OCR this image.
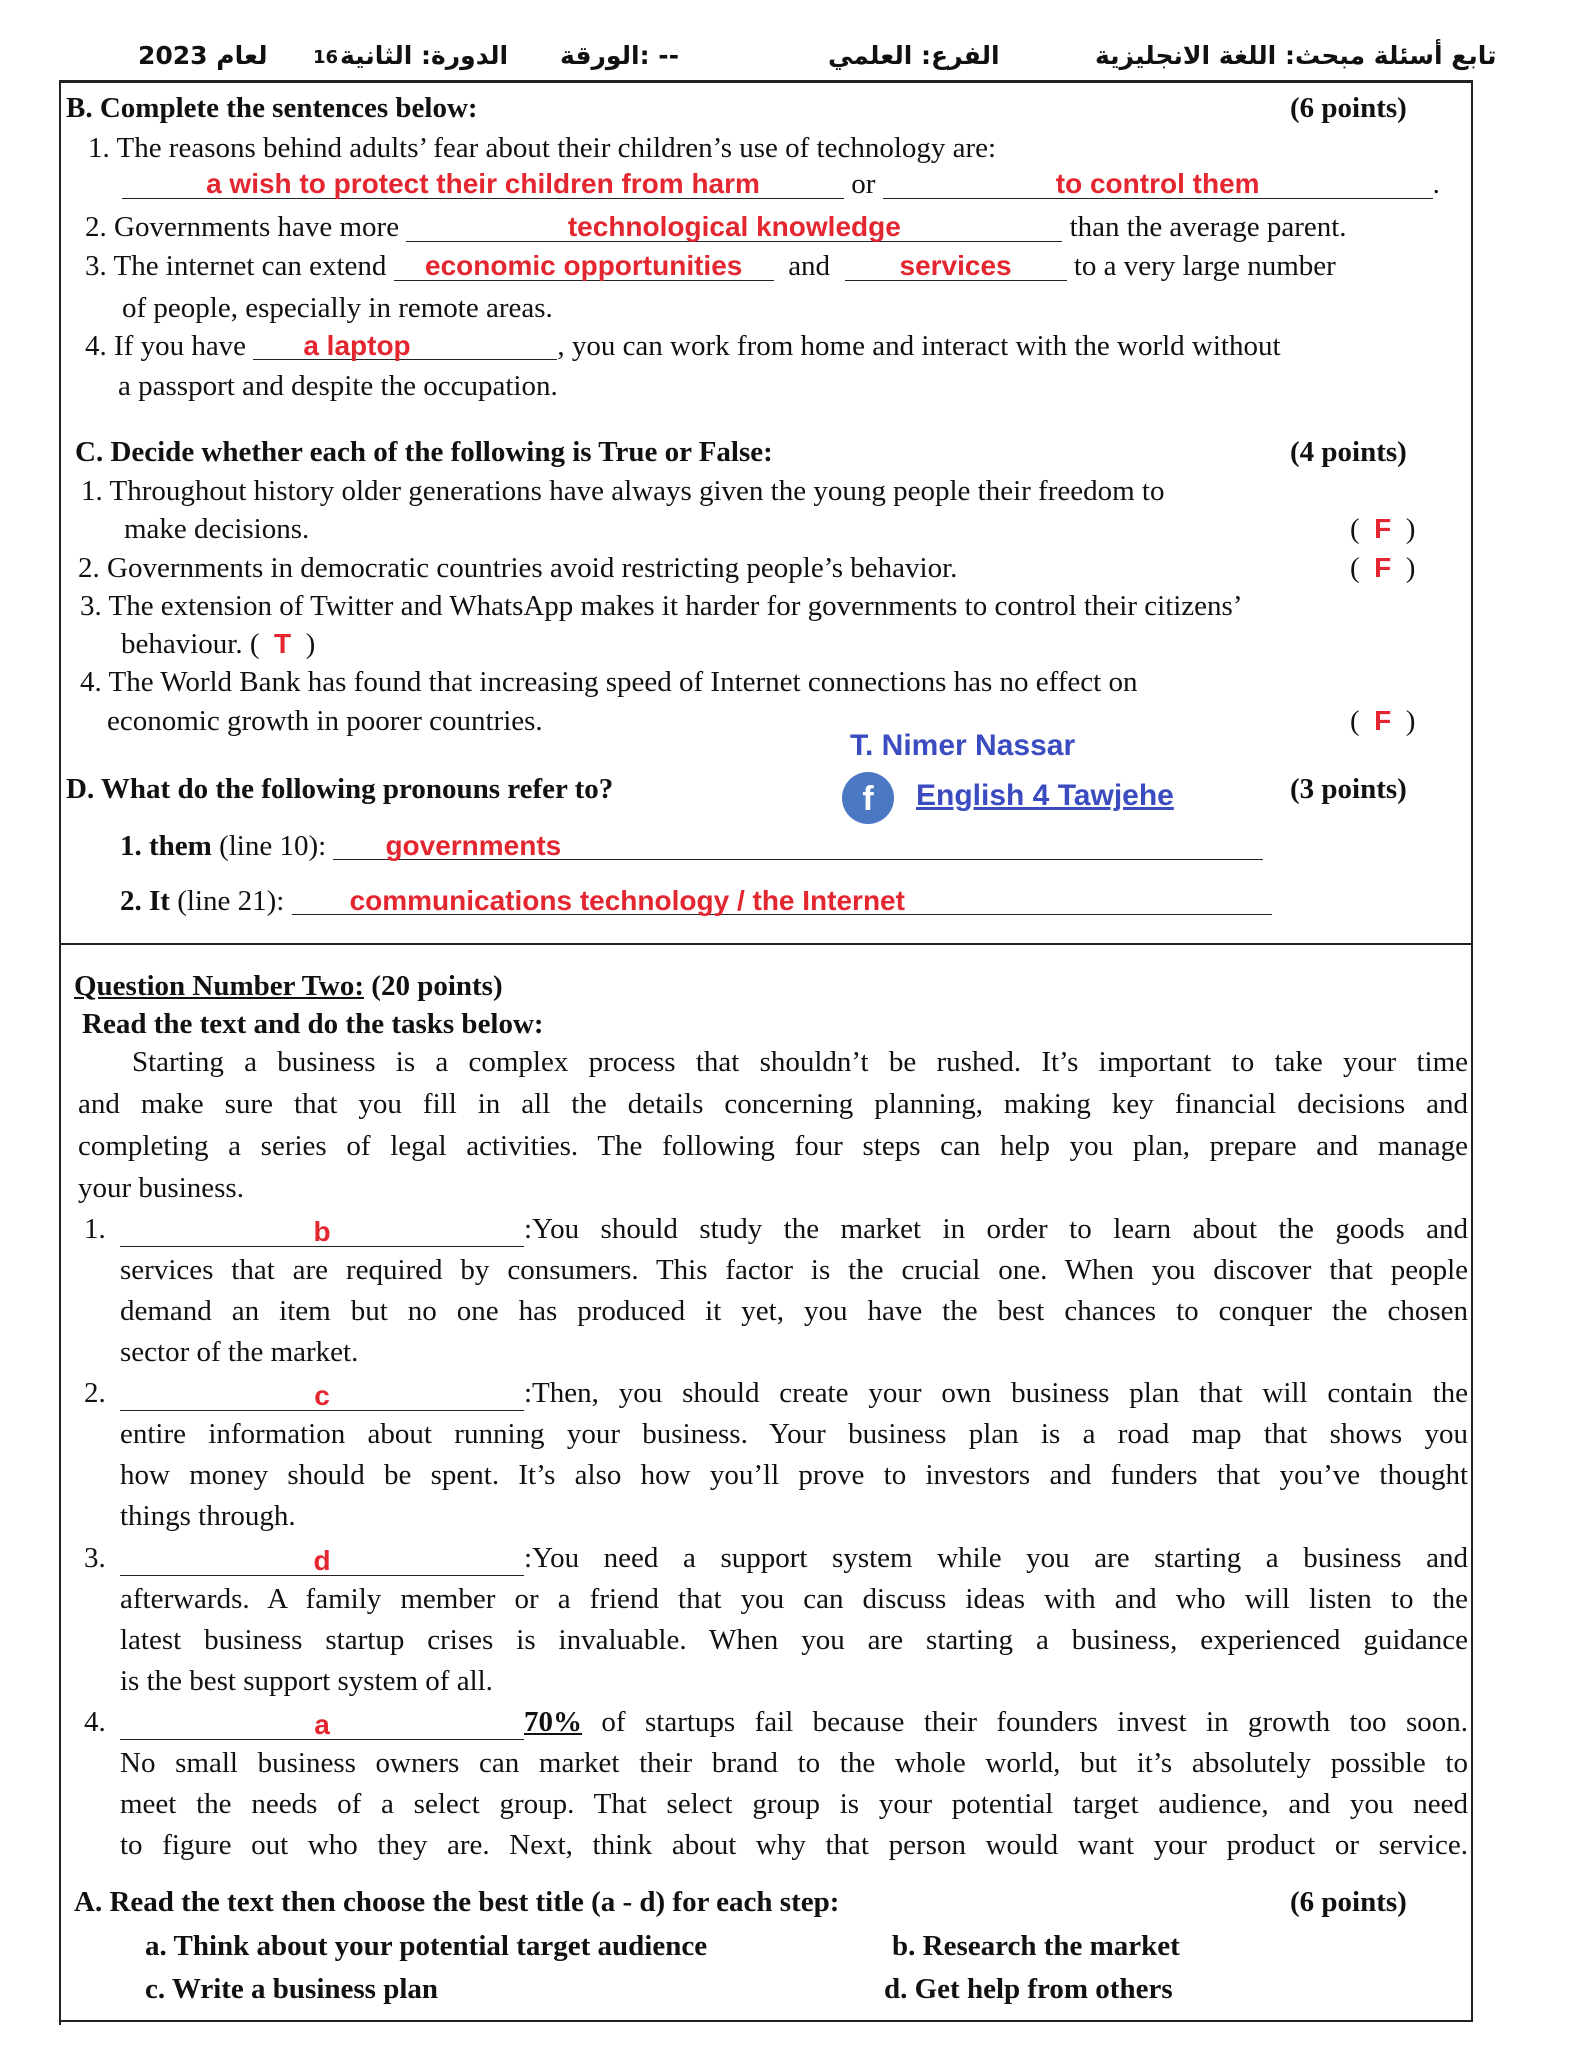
تابع أسئلة مبحث: اللغة الانجليزية
الفرع: العلمي
الورقة: --
الدورة: الثانية
16
لعام 2023
B. Complete the sentences below:	(6 points)
1. The reasons behind adults’ fear about their children’s use of technology are:
a wish to protect their children from harm	or	to control them	.
2. Governments have more	technological knowledge	than the average parent.
3. The internet can extend economic opportunities and services to a very large number
of people, especially in remote areas.
4. If you have a laptop	, you can work from home and interact with the world without
a passport and despite the occupation.
C. Decide whether each of the following is True or False:	(4 points)
1. Throughout history older generations have always given the young people their freedom to
make decisions.	(  F  )
2. Governments in democratic countries avoid restricting people’s behavior.	(  F  )
3. The extension of Twitter and WhatsApp makes it harder for governments to control their citizens’
behaviour. (  T  )
4. The World Bank has found that increasing speed of Internet connections has no effect on
economic growth in poorer countries.	(  F  )
T. Nimer Nassar
f	English 4 Tawjehe
D. What do the following pronouns refer to?	(3 points)
1. them (line 10): governments
2. It (line 21): communications technology / the Internet
Question Number Two: (20 points)
Read the text and do the tasks below:
Starting a business is a complex process that shouldn’t be rushed. It’s important to take your time
and make sure that you fill in all the details concerning planning, making key financial decisions and
completing a series of legal activities. The following four steps can help you plan, prepare and manage
your business.
1.	b	:You should study the market in order to learn about the goods and
services that are required by consumers. This factor is the crucial one. When you discover that people
demand an item but no one has produced it yet, you have the best chances to conquer the chosen
sector of the market.
2.	c	:Then, you should create your own business plan that will contain the
entire information about running your business. Your business plan is a road map that shows you
how money should be spent. It’s also how you’ll prove to investors and funders that you’ve thought
things through.
3.	d	:You need a support system while you are starting a business and
afterwards. A family member or a friend that you can discuss ideas with and who will listen to the
latest business startup crises is invaluable. When you are starting a business, experienced guidance
is the best support system of all.
4.	a	70% of startups fail because their founders invest in growth too soon.
No small business owners can market their brand to the whole world, but it’s absolutely possible to
meet the needs of a select group. That select group is your potential target audience, and you need
to figure out who they are. Next, think about why that person would want your product or service.
A. Read the text then choose the best title (a - d) for each step:	(6 points)
a. Think about your potential target audience	b. Research the market
c. Write a business plan	d. Get help from others
